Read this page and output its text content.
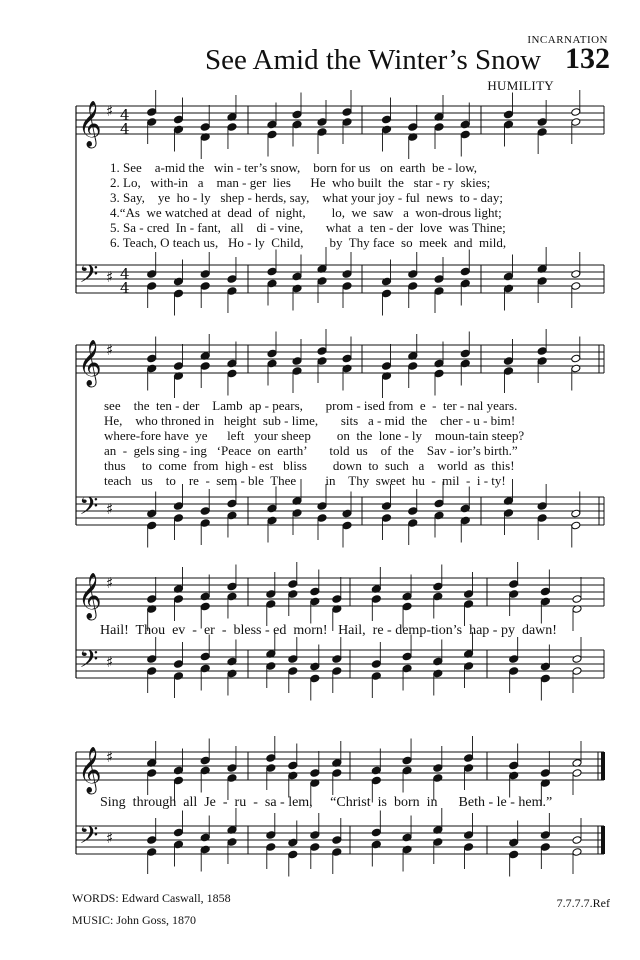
INCARNATION
See Amid the Winter’s Snow 132
HUMILITY
𝄞
𝄢
♯
♯
4
4
4
4
𝄞
𝄢
♯
♯
𝄞
𝄢
♯
♯
𝄞
𝄢
♯
♯
1. See    a-mid the   win - ter’s snow,    born for us   on  earth  be - low,
2. Lo,   with-in   a    man - ger  lies      He  who built  the   star - ry  skies;
3. Say,    ye  ho - ly   shep - herds, say,    what your joy - ful  news  to - day;
4.“As  we watched at  dead  of  night,        lo,  we  saw   a  won-drous light;
5. Sa - cred  In - fant,   all    di - vine,       what  a  ten - der  love  was Thine;
6. Teach, O teach us,   Ho - ly  Child,        by  Thy face  so  meek  and  mild,
see    the  ten - der    Lamb  ap - pears,       prom - ised from  e  -  ter - nal years.
He,    who throned in   height  sub - lime,       sits   a - mid  the    cher - u - bim!
where-fore have  ye      left   your sheep        on  the  lone - ly    moun-tain steep?
an  -  gels sing - ing   ‘Peace  on  earth’       told  us    of  the    Sav - ior’s birth.”
thus     to  come  from  high - est   bliss        down  to  such   a    world  as  this!
teach   us    to    re  -  sem - ble  Thee         in    Thy  sweet  hu  -  mil  -  i - ty!
Hail!  Thou  ev  -  er  -  bless - ed  morn!   Hail,  re - demp-tion’s  hap - py  dawn!
Sing  through  all  Je  -  ru  -  sa - lem,     “Christ  is  born  in      Beth - le - hem.”
WORDS: Edward Caswall, 1858
MUSIC: John Goss, 1870
7.7.7.7.Ref
